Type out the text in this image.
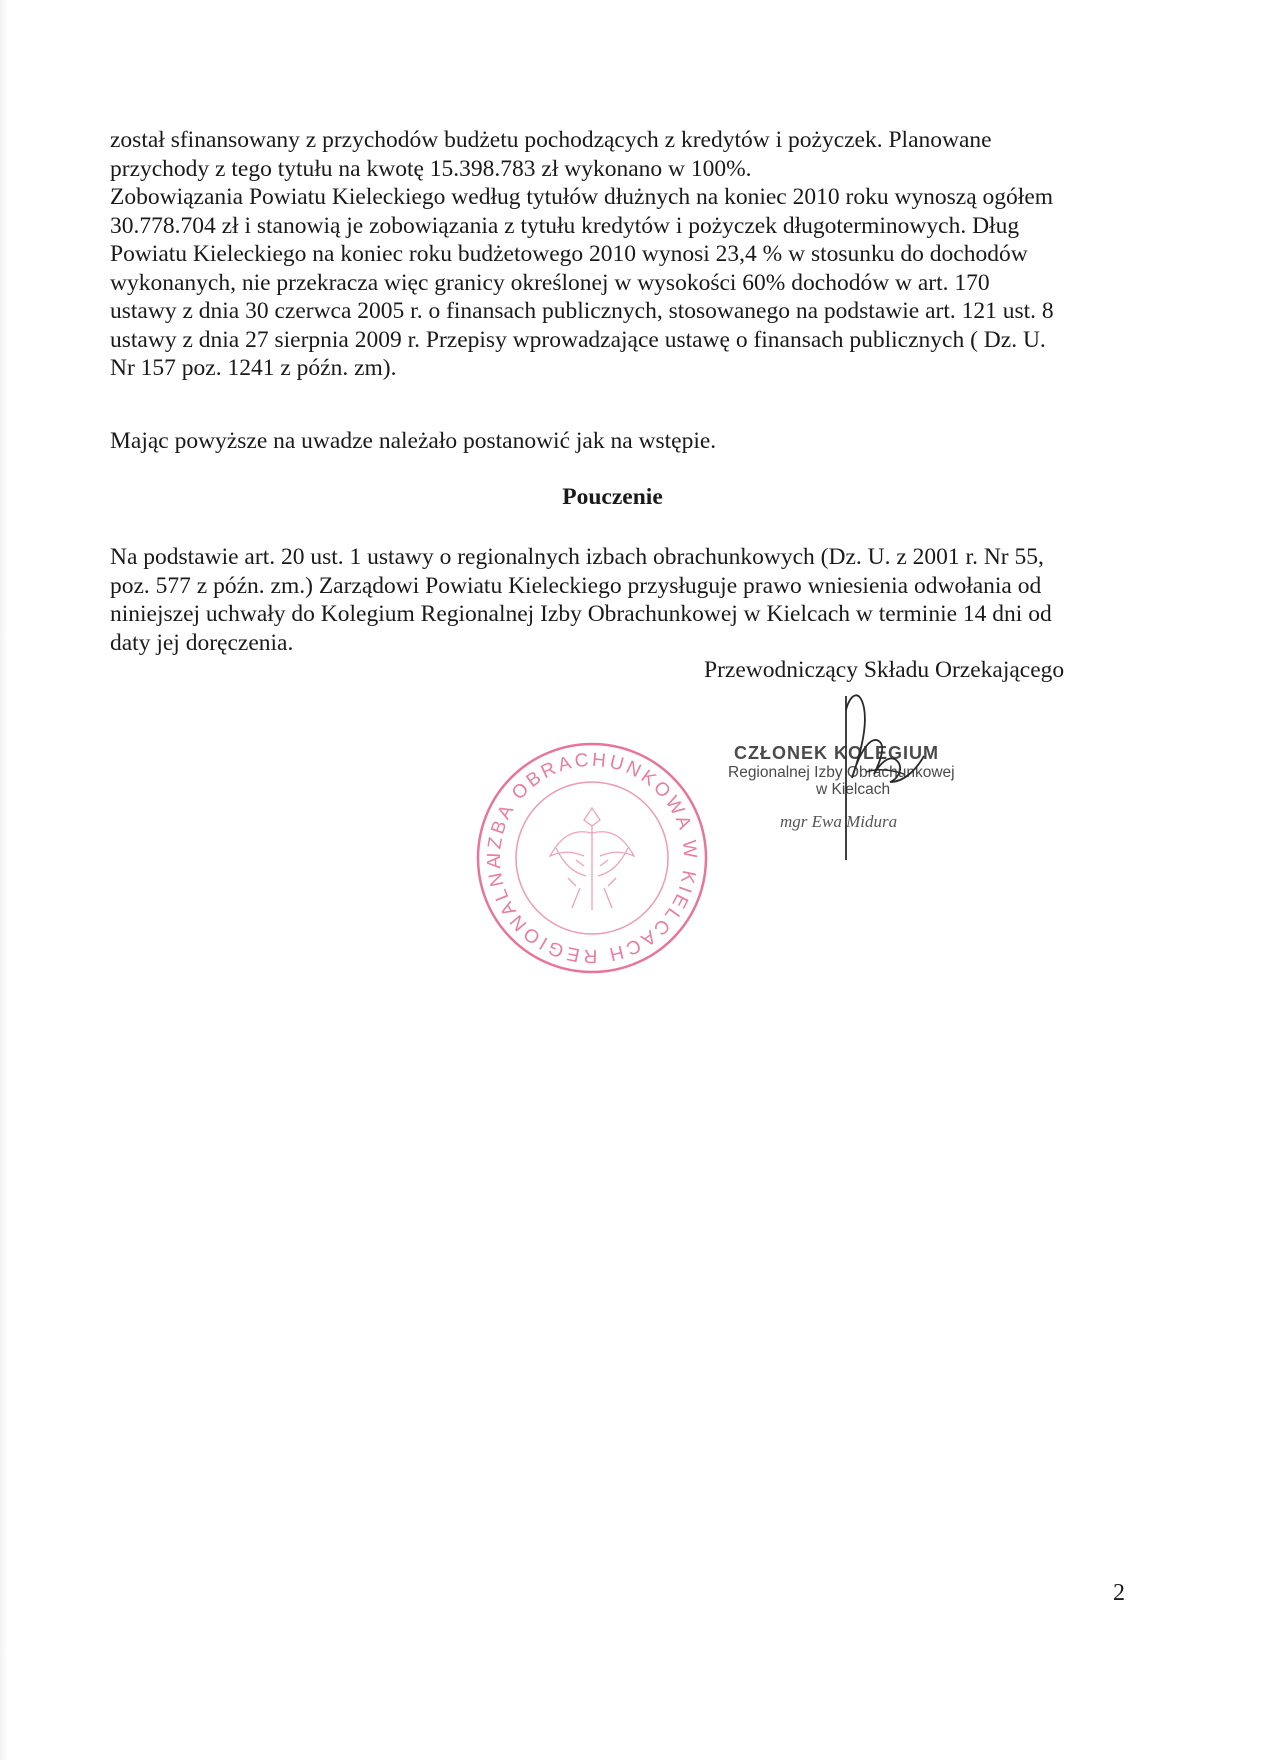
został sfinansowany z przychodów budżetu pochodzących z kredytów i pożyczek. Planowane
przychody z tego tytułu na kwotę 15.398.783 zł wykonano w 100%.
Zobowiązania Powiatu Kieleckiego według tytułów dłużnych na koniec 2010 roku wynoszą ogółem
30.778.704 zł i stanowią je zobowiązania z tytułu kredytów i pożyczek długoterminowych. Dług
Powiatu Kieleckiego na koniec roku budżetowego 2010 wynosi 23,4 % w stosunku do dochodów
wykonanych, nie przekracza więc granicy określonej w wysokości 60% dochodów w art. 170
ustawy z dnia 30 czerwca 2005 r. o finansach publicznych, stosowanego na podstawie art. 121 ust. 8
ustawy z dnia 27 sierpnia 2009 r. Przepisy wprowadzające ustawę o finansach publicznych ( Dz. U.
Nr 157 poz. 1241 z późn. zm).
Mając powyższe na uwadze należało postanowić jak na wstępie.
Pouczenie
Na podstawie art. 20 ust. 1 ustawy o regionalnych izbach obrachunkowych (Dz. U. z 2001 r. Nr 55,
poz. 577 z późn. zm.) Zarządowi Powiatu Kieleckiego przysługuje prawo wniesienia odwołania od
niniejszej uchwały do Kolegium Regionalnej Izby Obrachunkowej w Kielcach w terminie 14 dni od
daty jej doręczenia.
Przewodniczący Składu Orzekającego
IZBA OBRACHUNKOWA W KIELCACH REGIONALNA
CZŁONEK KOLEGIUM
Regionalnej Izby Obrachunkowej
w Kielcach
mgr Ewa Midura
2
